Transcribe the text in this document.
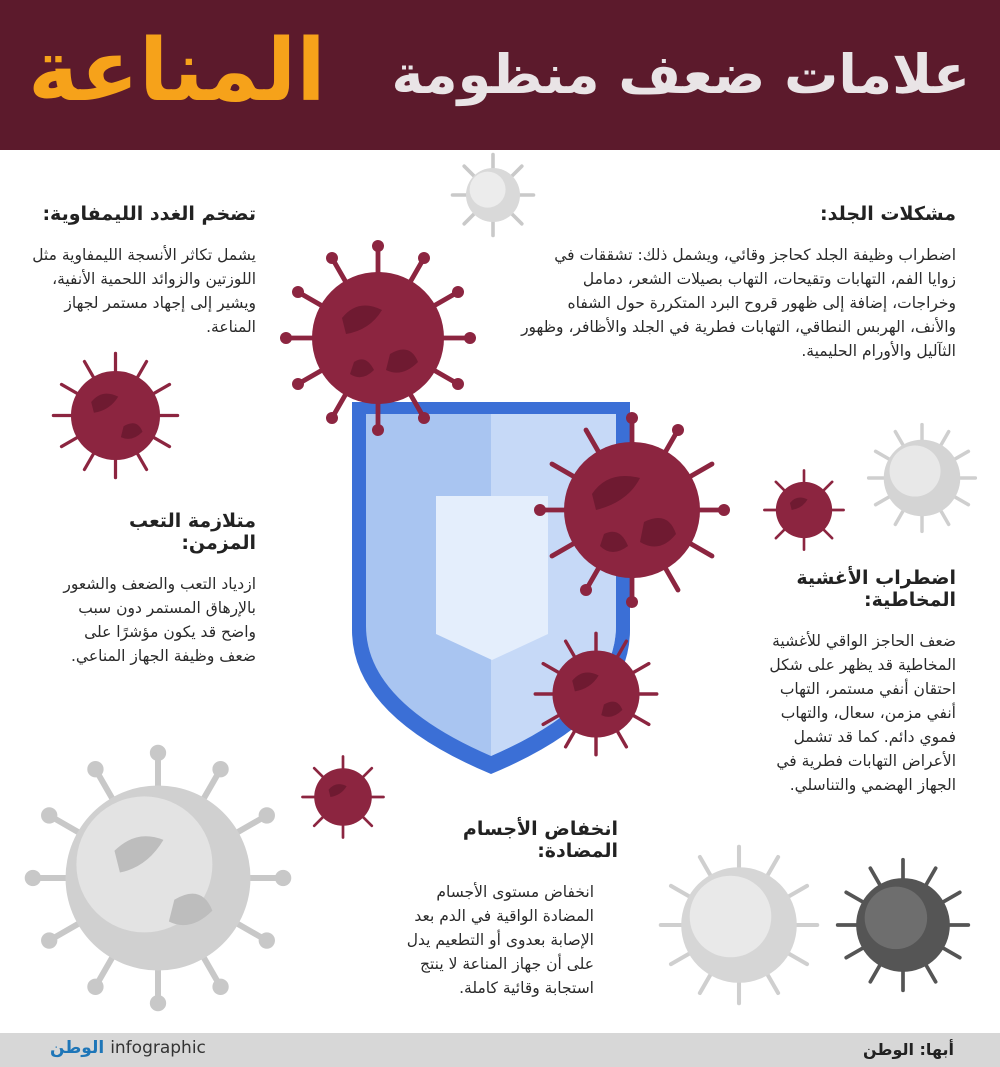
المناعة علامات ضعف منظومة
مشكلات الجلد:

اضطراب وظيفة الجلد كحاجز وقائي، ويشمل ذلك: تشققات في زوايا الفم، التهابات وتقيحات، التهاب بصيلات الشعر، دمامل وخراجات، إضافة إلى ظهور قروح البرد المتكررة حول الشفاه والأنف، الهربس النطاقي، التهابات فطرية في الجلد والأظافر، وظهور الثآليل والأورام الحليمية.

تضخم الغدد الليمفاوية:

يشمل تكاثر الأنسجة الليمفاوية مثل اللوزتين والزوائد اللحمية الأنفية، ويشير إلى إجهاد مستمر لجهاز المناعة.

متلازمة التعب المزمن:

ازدياد التعب والضعف والشعور بالإرهاق المستمر دون سبب واضح قد يكون مؤشرًا على ضعف وظيفة الجهاز المناعي.

اضطراب الأغشية المخاطية:

ضعف الحاجز الواقي للأغشية المخاطية قد يظهر على شكل احتقان أنفي مستمر، التهاب أنفي مزمن، سعال، والتهاب فموي دائم. كما قد تشمل الأعراض التهابات فطرية في الجهاز الهضمي والتناسلي.

انخفاض الأجسام المضادة:

انخفاض مستوى الأجسام المضادة الواقية في الدم بعد الإصابة بعدوى أو التطعيم يدل على أن جهاز المناعة لا ينتج استجابة وقائية كاملة.

الوطن infographic	أبها: الوطن
